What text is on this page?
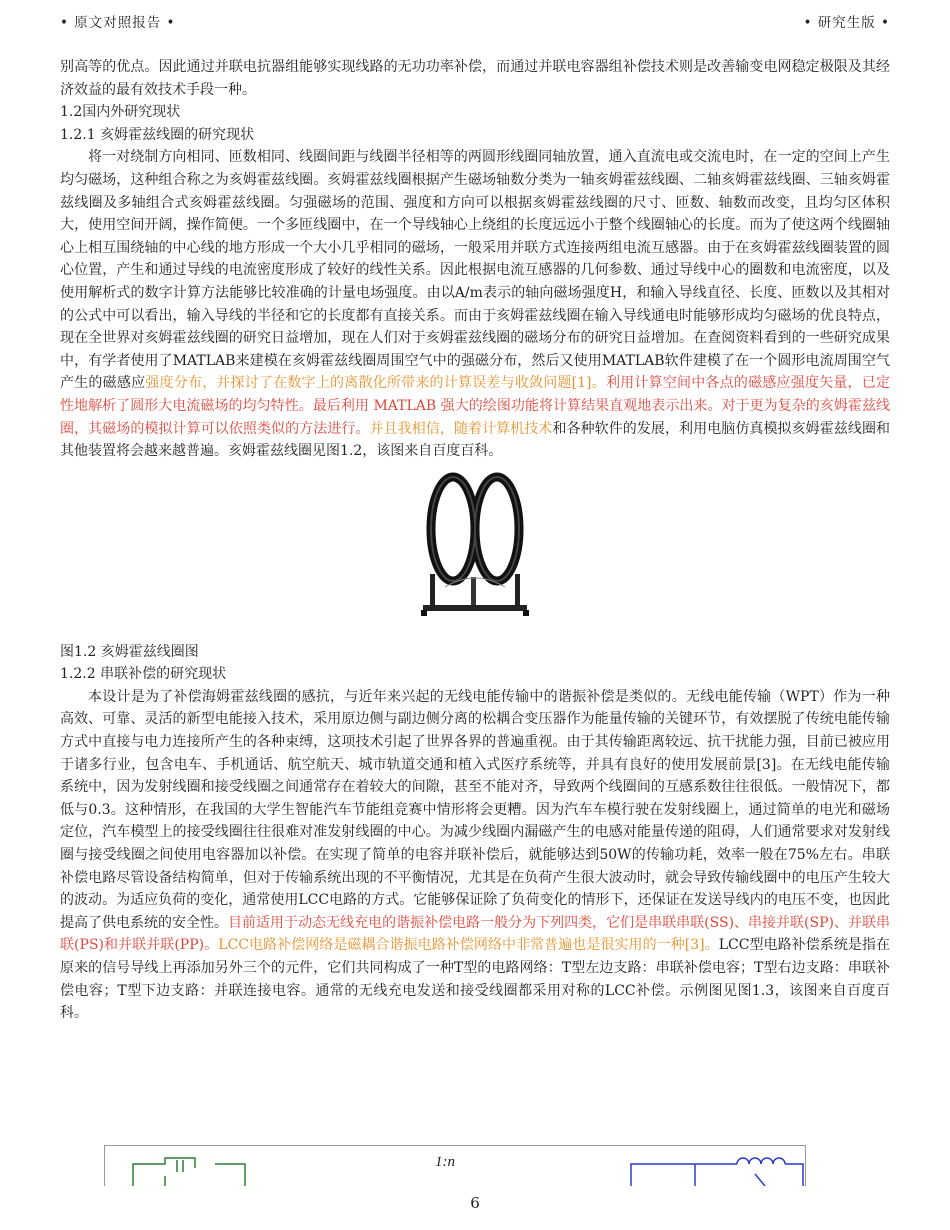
• 原文对照报告 •	• 研究生版 •

别高等的优点。因此通过并联电抗器组能够实现线路的无功功率补偿，而通过并联电容器组补偿技术则是改善输变电网稳定极限及其经济效益的最有效技术手段一种。

1.2国内外研究现状

1.2.1 亥姆霍兹线圈的研究现状

将一对绕制方向相同、匝数相同、线圈间距与线圈半径相等的两圆形线圈同轴放置，通入直流电或交流电时，在一定的空间上产生均匀磁场，这种组合称之为亥姆霍兹线圈。亥姆霍兹线圈根据产生磁场轴数分类为一轴亥姆霍兹线圈、二轴亥姆霍兹线圈、三轴亥姆霍兹线圈及多轴组合式亥姆霍兹线圈。匀强磁场的范围、强度和方向可以根据亥姆霍兹线圈的尺寸、匝数、轴数而改变，且均匀区体积大，使用空间开阔，操作简便。一个多匝线圈中，在一个导线轴心上绕组的长度远远小于整个线圈轴心的长度。而为了使这两个线圈轴心上相互围绕轴的中心线的地方形成一个大小几乎相同的磁场，一般采用并联方式连接两组电流互感器。由于在亥姆霍兹线圈装置的圆心位置，产生和通过导线的电流密度形成了较好的线性关系。因此根据电流互感器的几何参数、通过导线中心的圈数和电流密度，以及使用解析式的数字计算方法能够比较准确的计量电场强度。由以A/m表示的轴向磁场强度H，和输入导线直径、长度、匝数以及其相对的公式中可以看出，输入导线的半径和它的长度都有直接关系。而由于亥姆霍兹线圈在输入导线通电时能够形成均匀磁场的优良特点，现在全世界对亥姆霍兹线圈的研究日益增加，现在人们对于亥姆霍兹线圈的磁场分布的研究日益增加。在查阅资料看到的一些研究成果中，有学者使用了MATLAB来建模在亥姆霍兹线圈周围空气中的强磁分布，然后又使用MATLAB软件建模了在一个圆形电流周围空气产生的磁感应强度分布，并探讨了在数字上的离散化所带来的计算误差与收敛问题[1]。利用计算空间中各点的磁感应强度矢量，已定性地解析了圆形大电流磁场的均匀特性。最后利用 MATLAB 强大的绘图功能将计算结果直观地表示出来。对于更为复杂的亥姆霍兹线圈，其磁场的模拟计算可以依照类似的方法进行。并且我相信，随着计算机技术和各种软件的发展，利用电脑仿真模拟亥姆霍兹线圈和其他装置将会越来越普遍。亥姆霍兹线圈见图1.2，该图来自百度百科。

图1.2 亥姆霍兹线圈图

1.2.2 串联补偿的研究现状

本设计是为了补偿海姆霍兹线圈的感抗，与近年来兴起的无线电能传输中的谐振补偿是类似的。无线电能传输（WPT）作为一种高效、可靠、灵活的新型电能接入技术，采用原边侧与副边侧分离的松耦合变压器作为能量传输的关键环节，有效摆脱了传统电能传输方式中直接与电力连接所产生的各种束缚，这项技术引起了世界各界的普遍重视。由于其传输距离较远、抗干扰能力强，目前已被应用于诸多行业，包含电车、手机通话、航空航天、城市轨道交通和植入式医疗系统等，并具有良好的使用发展前景[3]。在无线电能传输系统中，因为发射线圈和接受线圈之间通常存在着较大的间隙，甚至不能对齐，导致两个线圈间的互感系数往往很低。一般情况下，都低与0.3。这种情形，在我国的大学生智能汽车节能组竞赛中情形将会更糟。因为汽车车模行驶在发射线圈上，通过简单的电光和磁场定位，汽车模型上的接受线圈往往很难对准发射线圈的中心。为减少线圈内漏磁产生的电感对能量传递的阻碍，人们通常要求对发射线圈与接受线圈之间使用电容器加以补偿。在实现了简单的电容并联补偿后，就能够达到50W的传输功耗，效率一般在75%左右。串联补偿电路尽管设备结构简单，但对于传输系统出现的不平衡情况，尤其是在负荷产生很大波动时，就会导致传输线圈中的电压产生较大的波动。为适应负荷的变化，通常使用LCC电路的方式。它能够保证除了负荷变化的情形下，还保证在发送导线内的电压不变，也因此提高了供电系统的安全性。目前适用于动态无线充电的谐振补偿电路一般分为下列四类，它们是串联串联(SS)、串接并联(SP)、并联串联(PS)和并联并联(PP)。LCC电路补偿网络是磁耦合谐振电路补偿网络中非常普遍也是很实用的一种[3]。LCC型电路补偿系统是指在原来的信号导线上再添加另外三个的元件，它们共同构成了一种T型的电路网络：T型左边支路：串联补偿电容；T型右边支路：串联补偿电容；T型下边支路：并联连接电容。通常的无线充电发送和接受线圈都采用对称的LCC补偿。示例图见图1.3，该图来自百度百科。

1:n
6
